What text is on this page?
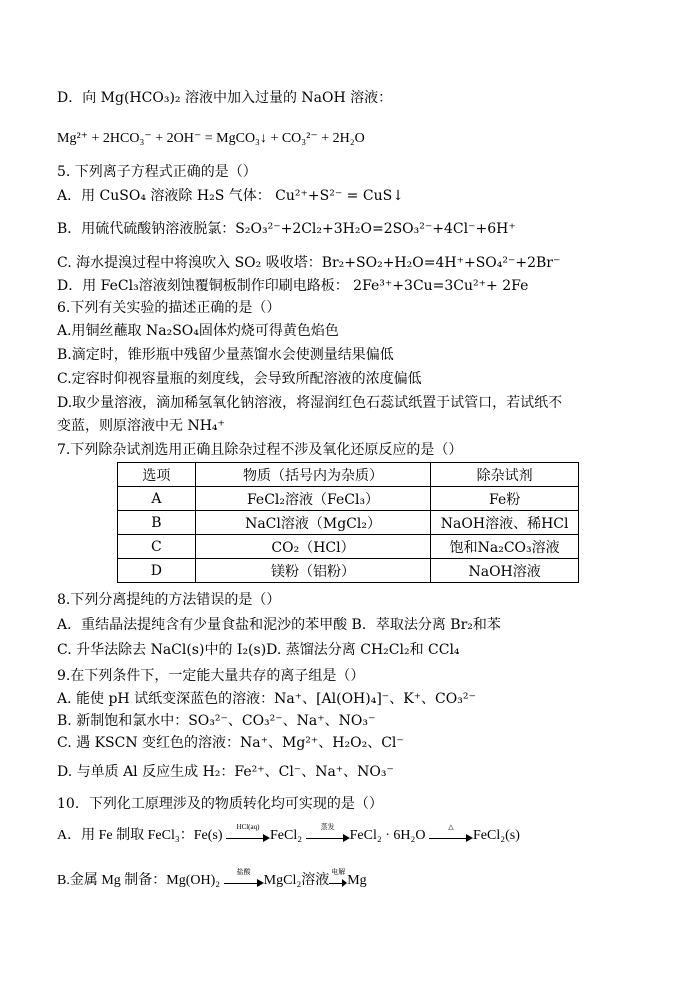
D．向 Mg(HCO₃)₂ 溶液中加入过量的 NaOH 溶液：
Mg²⁺ + 2HCO₃⁻ + 2OH⁻ = MgCO₃↓ + CO₃²⁻ + 2H₂O
5. 下列离子方程式正确的是（）
A．用 CuSO₄ 溶液除 H₂S 气体： Cu²⁺+S²⁻ = CuS↓
B．用硫代硫酸钠溶液脱氯：S₂O₃²⁻+2Cl₂+3H₂O=2SO₃²⁻+4Cl⁻+6H⁺
C. 海水提溴过程中将溴吹入 SO₂ 吸收塔：Br₂+SO₂+H₂O=4H⁺+SO₄²⁻+2Br⁻
D．用 FeCl₃溶液刻蚀覆铜板制作印刷电路板： 2Fe³⁺+3Cu=3Cu²⁺+ 2Fe
6.下列有关实验的描述正确的是（）
A.用铜丝蘸取 Na₂SO₄固体灼烧可得黄色焰色
B.滴定时，锥形瓶中残留少量蒸馏水会使测量结果偏低
C.定容时仰视容量瓶的刻度线，会导致所配溶液的浓度偏低
D.取少量溶液，滴加稀氢氧化钠溶液，将湿润红色石蕊试纸置于试管口，若试纸不
变蓝，则原溶液中无 NH₄⁺
7.下列除杂试剂选用正确且除杂过程不涉及氧化还原反应的是（）
8.下列分离提纯的方法错误的是（）
A．重结晶法提纯含有少量食盐和泥沙的苯甲酸 B．萃取法分离 Br₂和苯
C. 升华法除去 NaCl(s)中的 I₂(s)D. 蒸馏法分离 CH₂Cl₂和 CCl₄
9.在下列条件下，一定能大量共存的离子组是（）
A. 能使 pH 试纸变深蓝色的溶液：Na⁺、[Al(OH)₄]⁻、K⁺、CO₃²⁻
B. 新制饱和氯水中：SO₃²⁻、CO₃²⁻、Na⁺、NO₃⁻
C. 遇 KSCN 变红色的溶液：Na⁺、Mg²⁺、H₂O₂、Cl⁻
D. 与单质 Al 反应生成 H₂：Fe²⁺、Cl⁻、Na⁺、NO₃⁻
10．下列化工原理涉及的物质转化均可实现的是（）
选项	物质（括号内为杂质）	除杂试剂
A	FeCl₂溶液（FeCl₃）	Fe粉
B	NaCl溶液（MgCl₂）	NaOH溶液、稀HCl
C	CO₂（HCl）	饱和Na₂CO₃溶液
D	镁粉（铝粉）	NaOH溶液
A．用 Fe 制取 FeCl₃：Fe(s)
HCl(aq)
FeCl₂
蒸发
FeCl₂ · 6H₂O
△
FeCl₂(s)
B.金属 Mg 制备：Mg(OH)₂
盐酸
MgCl₂溶液
电解
Mg
